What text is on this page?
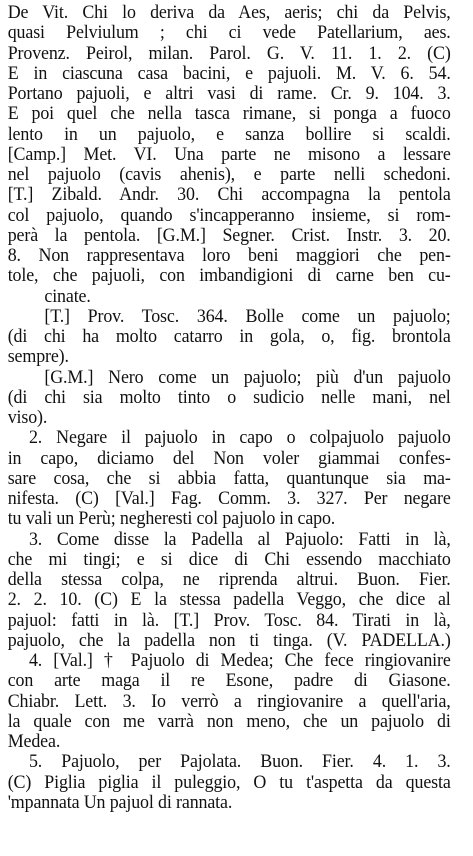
De Vit. Chi lo deriva da Aes, aeris; chi da Pelvis,
quasi Pelviulum ; chi ci vede Patellarium, aes.
Provenz. Peirol, milan. Parol. G. V. 11. 1. 2. (C)
E in ciascuna casa bacini, e pajuoli. M. V. 6. 54.
Portano pajuoli, e altri vasi di rame. Cr. 9. 104. 3.
E poi quel che nella tasca rimane, si ponga a fuoco
lento in un pajuolo, e sanza bollire si scaldi.
[Camp.] Met. VI. Una parte ne misono a lessare
nel pajuolo (cavis ahenis), e parte nelli schedoni.
[T.] Zibald. Andr. 30. Chi accompagna la pentola
col pajuolo, quando s'incapperanno insieme, si rom-
perà la pentola. [G.M.] Segner. Crist. Instr. 3. 20.
8. Non rappresentava loro beni maggiori che pen-
tole, che pajuoli, con imbandigioni di carne ben cu-
cinate.
[T.] Prov. Tosc. 364. Bolle come un pajuolo;
(di chi ha molto catarro in gola, o, fig. brontola
sempre).
[G.M.] Nero come un pajuolo; più d'un pajuolo
(di chi sia molto tinto o sudicio nelle mani, nel
viso).
2. Negare il pajuolo in capo o colpajuolo pajuolo
in capo, diciamo del Non voler giammai confes-
sare cosa, che si abbia fatta, quantunque sia ma-
nifesta. (C) [Val.] Fag. Comm. 3. 327. Per negare
tu vali un Perù; negheresti col pajuolo in capo.
3. Come disse la Padella al Pajuolo: Fatti in là,
che mi tingi; e si dice di Chi essendo macchiato
della stessa colpa, ne riprenda altrui. Buon. Fier.
2. 2. 10. (C) E la stessa padella Veggo, che dice al
pajuol: fatti in là. [T.] Prov. Tosc. 84. Tirati in là,
pajuolo, che la padella non ti tinga. (V. PADELLA.)
4. [Val.] † Pajuolo di Medea; Che fece ringiovanire
con arte maga il re Esone, padre di Giasone.
Chiabr. Lett. 3. Io verrò a ringiovanire a quell'aria,
la quale con me varrà non meno, che un pajuolo di
Medea.
5. Pajuolo, per Pajolata. Buon. Fier. 4. 1. 3.
(C) Piglia piglia il puleggio, O tu t'aspetta da questa
'mpannata Un pajuol di rannata.
